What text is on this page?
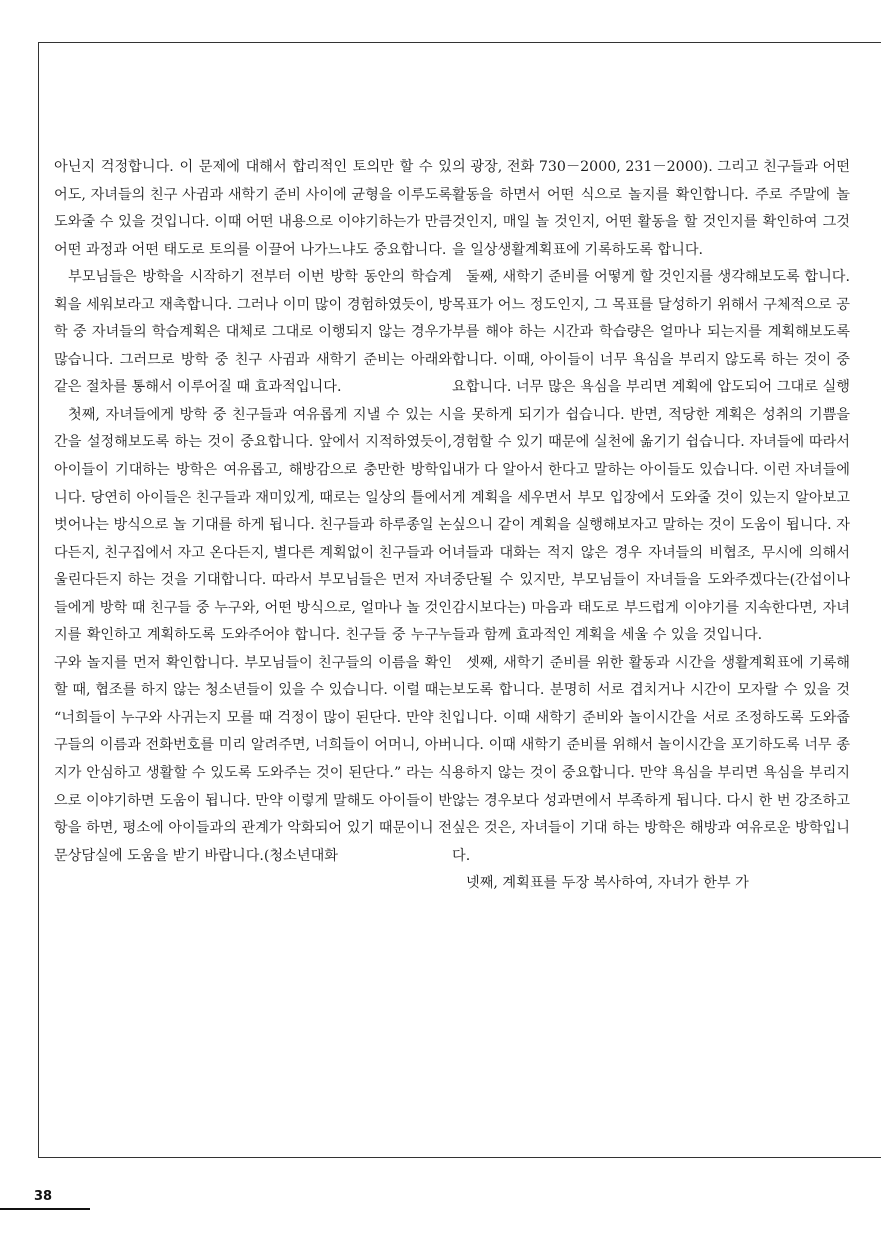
아닌지 걱정합니다. 이 문제에 대해서 합리적인 토의만 할 수 있어도, 자녀들의 친구 사귐과 새학기 준비 사이에 균형을 이루도록 도와줄 수 있을 것입니다. 이때 어떤 내용으로 이야기하는가 만큼 어떤 과정과 어떤 태도로 토의를 이끌어 나가느냐도 중요합니다.

부모님들은 방학을 시작하기 전부터 이번 방학 동안의 학습계획을 세워보라고 재촉합니다. 그러나 이미 많이 경험하였듯이, 방학 중 자녀들의 학습계획은 대체로 그대로 이행되지 않는 경우가 많습니다. 그러므로 방학 중 친구 사귐과 새학기 준비는 아래와 같은 절차를 통해서 이루어질 때 효과적입니다.

첫째, 자녀들에게 방학 중 친구들과 여유롭게 지낼 수 있는 시간을 설정해보도록 하는 것이 중요합니다. 앞에서 지적하였듯이, 아이들이 기대하는 방학은 여유롭고, 해방감으로 충만한 방학입니다. 당연히 아이들은 친구들과 재미있게, 때로는 일상의 틀에서 벗어나는 방식으로 놀 기대를 하게 됩니다. 친구들과 하루종일 논다든지, 친구집에서 자고 온다든지, 별다른 계획없이 친구들과 어울린다든지 하는 것을 기대합니다. 따라서 부모님들은 먼저 자녀들에게 방학 때 친구들 중 누구와, 어떤 방식으로, 얼마나 놀 것인지를 확인하고 계획하도록 도와주어야 합니다. 친구들 중 누구누구와 놀지를 먼저 확인합니다. 부모님들이 친구들의 이름을 확인할 때, 협조를 하지 않는 청소년들이 있을 수 있습니다. 이럴 때는 “너희들이 누구와 사귀는지 모를 때 걱정이 많이 된단다. 만약 친구들의 이름과 전화번호를 미리 알려주면, 너희들이 어머니, 아버지가 안심하고 생활할 수 있도록 도와주는 것이 된단다.” 라는 식으로 이야기하면 도움이 됩니다. 만약 이렇게 말해도 아이들이 반항을 하면, 평소에 아이들과의 관계가 악화되어 있기 때문이니 전문상담실에 도움을 받기 바랍니다.(청소년대화

의 광장, 전화 730－2000, 231－2000). 그리고 친구들과 어떤 활동을 하면서 어떤 식으로 놀지를 확인합니다. 주로 주말에 놀 것인지, 매일 놀 것인지, 어떤 활동을 할 것인지를 확인하여 그것을 일상생활계획표에 기록하도록 합니다.

둘째, 새학기 준비를 어떻게 할 것인지를 생각해보도록 합니다. 목표가 어느 정도인지, 그 목표를 달성하기 위해서 구체적으로 공부를 해야 하는 시간과 학습량은 얼마나 되는지를 계획해보도록 합니다. 이때, 아이들이 너무 욕심을 부리지 않도록 하는 것이 중요합니다. 너무 많은 욕심을 부리면 계획에 압도되어 그대로 실행을 못하게 되기가 쉽습니다. 반면, 적당한 계획은 성취의 기쁨을 경험할 수 있기 때문에 실천에 옮기기 쉽습니다. 자녀들에 따라서 내가 다 알아서 한다고 말하는 아이들도 있습니다. 이런 자녀들에게 계획을 세우면서 부모 입장에서 도와줄 것이 있는지 알아보고 싶으니 같이 계획을 실행해보자고 말하는 것이 도움이 됩니다. 자녀들과 대화는 적지 않은 경우 자녀들의 비협조, 무시에 의해서 중단될 수 있지만, 부모님들이 자녀들을 도와주겠다는(간섭이나 감시보다는) 마음과 태도로 부드럽게 이야기를 지속한다면, 자녀들과 함께 효과적인 계획을 세울 수 있을 것입니다.

셋째, 새학기 준비를 위한 활동과 시간을 생활계획표에 기록해 보도록 합니다. 분명히 서로 겹치거나 시간이 모자랄 수 있을 것입니다. 이때 새학기 준비와 놀이시간을 서로 조정하도록 도와줍니다. 이때 새학기 준비를 위해서 놀이시간을 포기하도록 너무 종용하지 않는 것이 중요합니다. 만약 욕심을 부리면 욕심을 부리지 않는 경우보다 성과면에서 부족하게 됩니다. 다시 한 번 강조하고 싶은 것은, 자녀들이 기대 하는 방학은 해방과 여유로운 방학입니다.

넷째, 계획표를 두장 복사하여, 자녀가 한부 가

38
